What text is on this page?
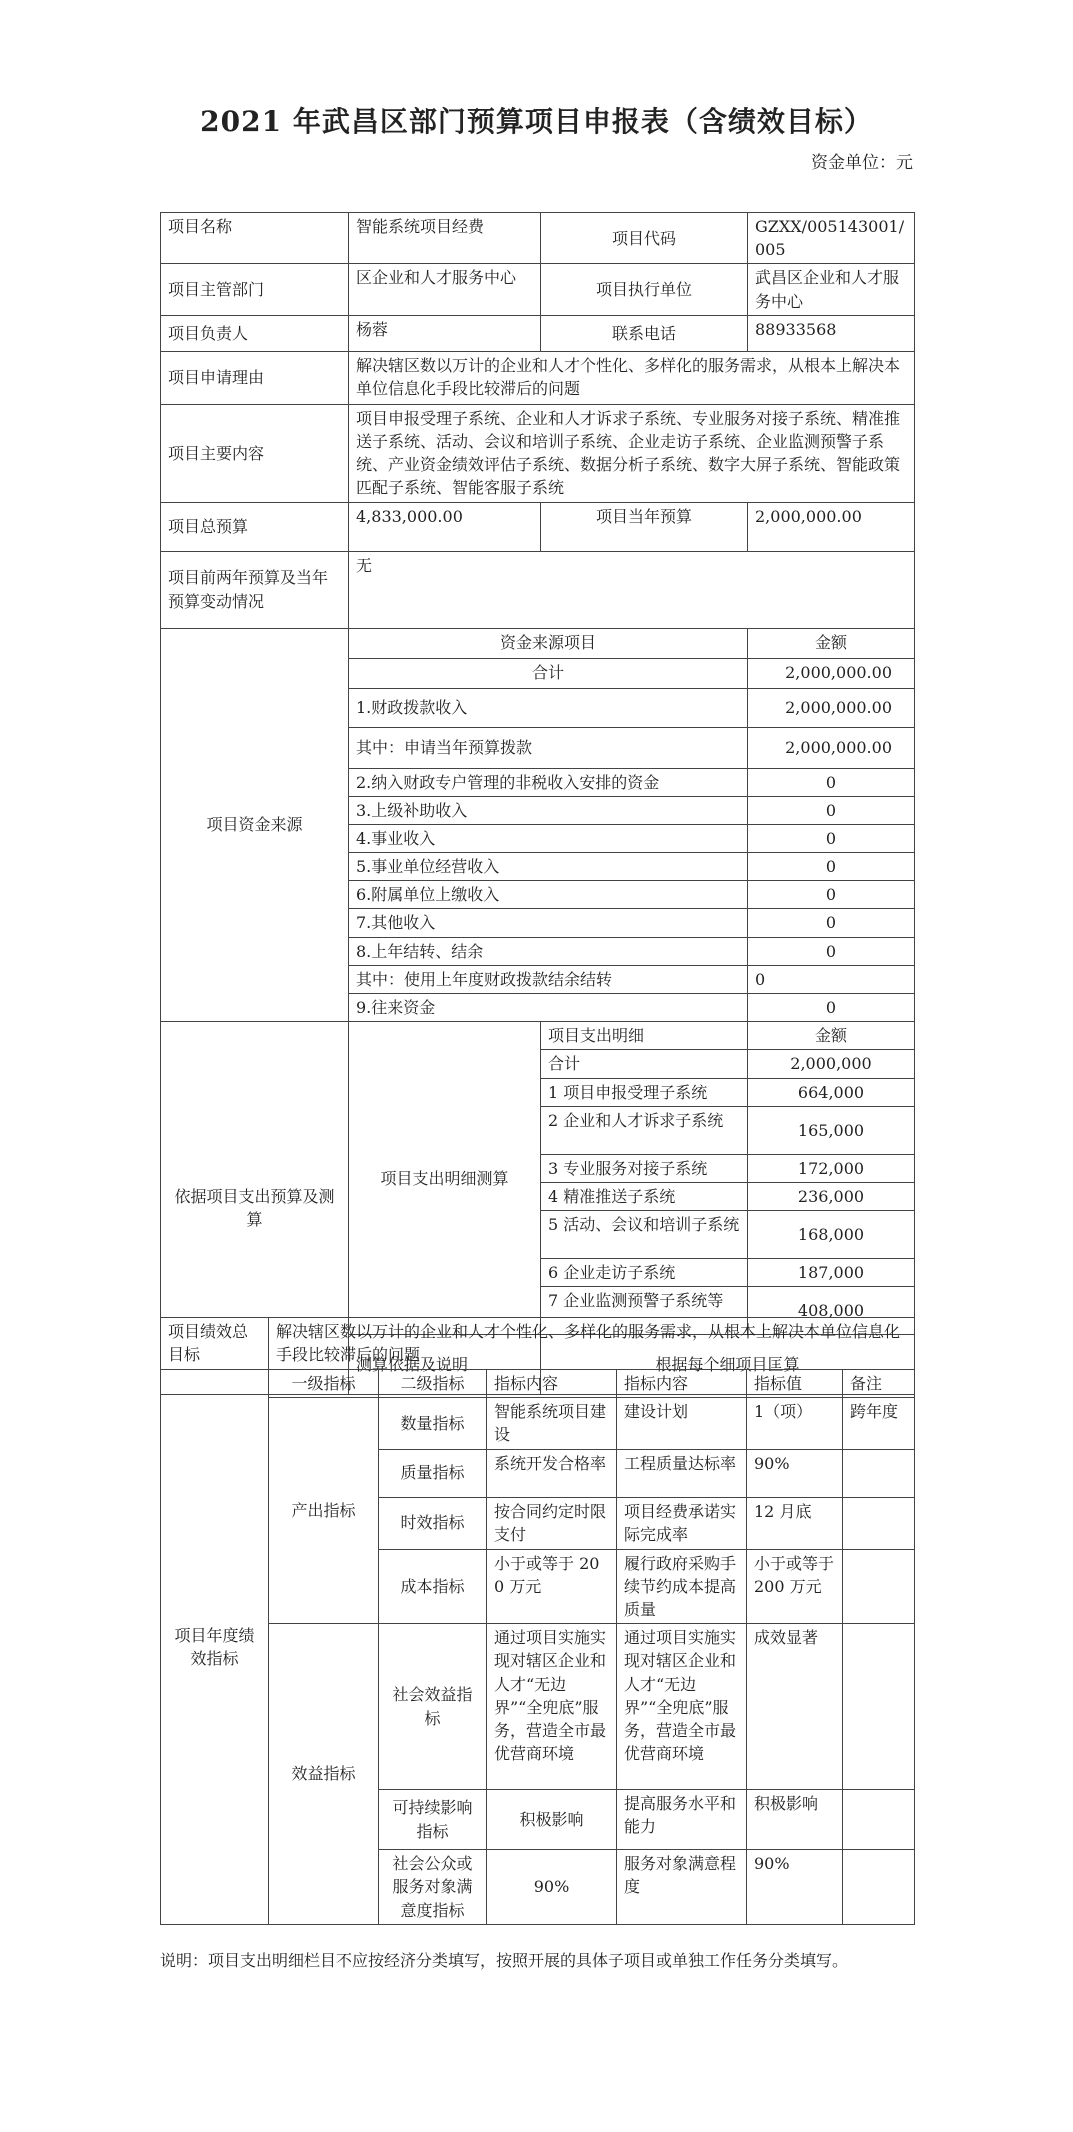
2021 年武昌区部门预算项目申报表（含绩效目标）
资金单位：元
项目名称	智能系统项目经费	项目代码	GZXX/005143001/005
项目主管部门	区企业和人才服务中心	项目执行单位	武昌区企业和人才服务中心
项目负责人	杨蓉	联系电话	88933568
项目申请理由	解决辖区数以万计的企业和人才个性化、多样化的服务需求，从根本上解决本单位信息化手段比较滞后的问题		
项目主要内容	项目申报受理子系统、企业和人才诉求子系统、专业服务对接子系统、精准推送子系统、活动、会议和培训子系统、企业走访子系统、企业监测预警子系统、产业资金绩效评估子系统、数据分析子系统、数字大屏子系统、智能政策匹配子系统、智能客服子系统		
项目总预算	4,833,000.00	项目当年预算	2,000,000.00
项目前两年预算及当年预算变动情况	无		
项目资金来源	资金来源项目		金额
	合计		2,000,000.00
	1.财政拨款收入		2,000,000.00
	其中：申请当年预算拨款		2,000,000.00
	2.纳入财政专户管理的非税收入安排的资金		0
	3.上级补助收入		0
	4.事业收入		0
	5.事业单位经营收入		0
	6.附属单位上缴收入		0
	7.其他收入		0
	8.上年结转、结余		0
	其中：使用上年度财政拨款结余结转		0
	9.往来资金		0
依据项目支出预算及测算	项目支出明细测算	项目支出明细	金额
		合计	2,000,000
		1 项目申报受理子系统	664,000
		2 企业和人才诉求子系统	165,000
		3 专业服务对接子系统	172,000
		4 精准推送子系统	236,000
		5 活动、会议和培训子系统	168,000
		6 企业走访子系统	187,000
		7 企业监测预警子系统等	408,000
	测算依据及说明	根据每个细项目匡算	
项目绩效总目标	解决辖区数以万计的企业和人才个性化、多样化的服务需求，从根本上解决本单位信息化手段比较滞后的问题					
项目年度绩效指标	一级指标	二级指标	指标内容	指标内容	指标值	备注
	产出指标	数量指标	智能系统项目建设	建设计划	1（项）	跨年度
		质量指标	系统开发合格率	工程质量达标率	90%	
		时效指标	按合同约定时限支付	项目经费承诺实际完成率	12 月底	
		成本指标	小于或等于 200 万元	履行政府采购手续节约成本提高质量	小于或等于 200 万元	
	效益指标	社会效益指标	通过项目实施实现对辖区企业和人才“无边界”“全兜底”服务，营造全市最优营商环境	通过项目实施实现对辖区企业和人才“无边界”“全兜底”服务，营造全市最优营商环境	成效显著	
		可持续影响指标	积极影响	提高服务水平和能力	积极影响	
		社会公众或服务对象满意度指标	90%	服务对象满意程度	90%	
说明：项目支出明细栏目不应按经济分类填写，按照开展的具体子项目或单独工作任务分类填写。
